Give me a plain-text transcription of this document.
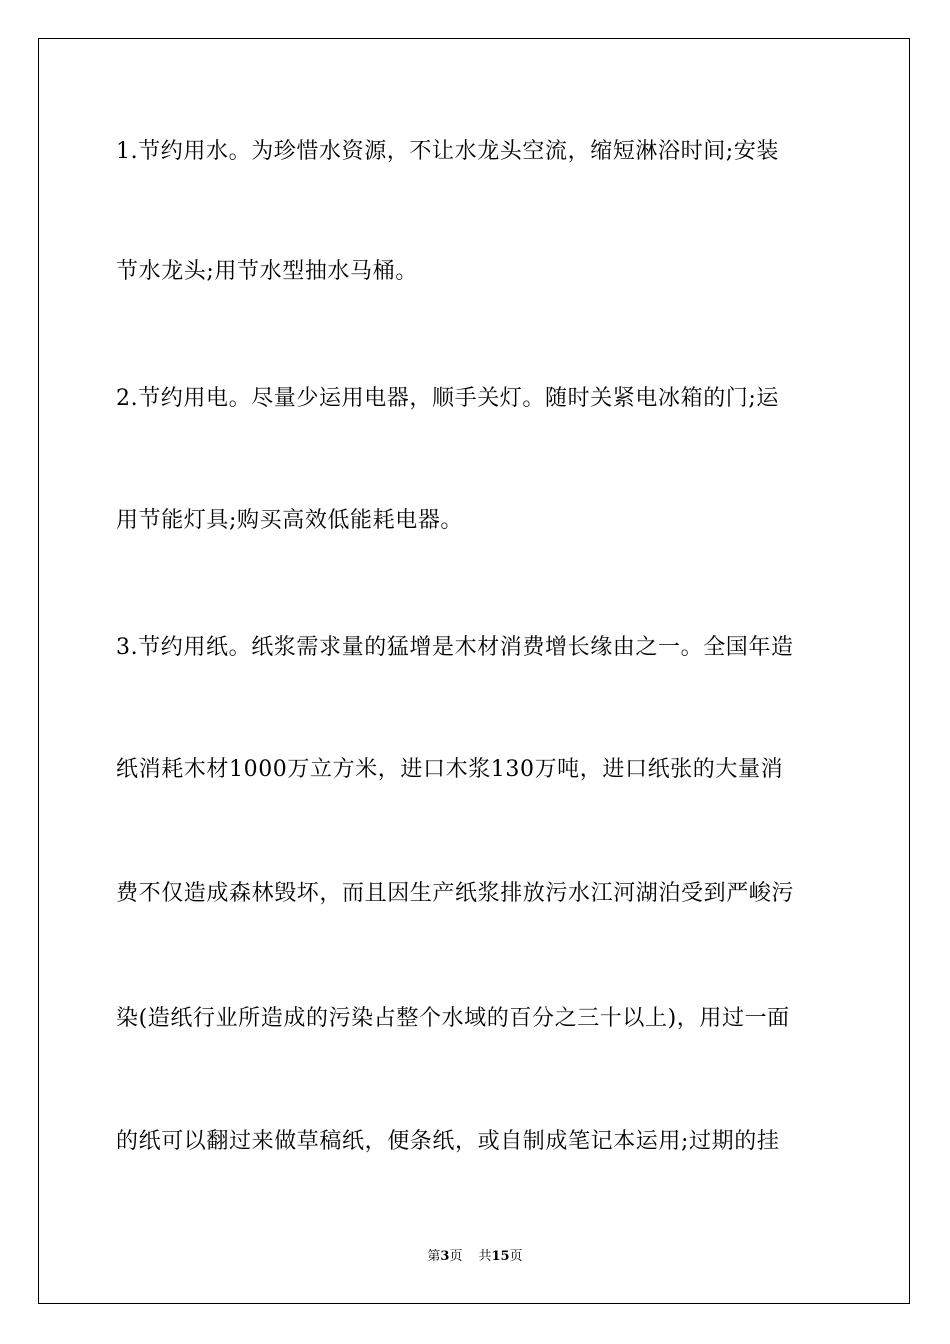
1.节约用水。为珍惜水资源，不让水龙头空流，缩短淋浴时间;安装
节水龙头;用节水型抽水马桶。
2.节约用电。尽量少运用电器，顺手关灯。随时关紧电冰箱的门;运
用节能灯具;购买高效低能耗电器。
3.节约用纸。纸浆需求量的猛增是木材消费增长缘由之一。全国年造
纸消耗木材1000万立方米，进口木浆130万吨，进口纸张的大量消
费不仅造成森林毁坏，而且因生产纸浆排放污水江河湖泊受到严峻污
染(造纸行业所造成的污染占整个水域的百分之三十以上)，用过一面
的纸可以翻过来做草稿纸，便条纸，或自制成笔记本运用;过期的挂
第3页 共15页
